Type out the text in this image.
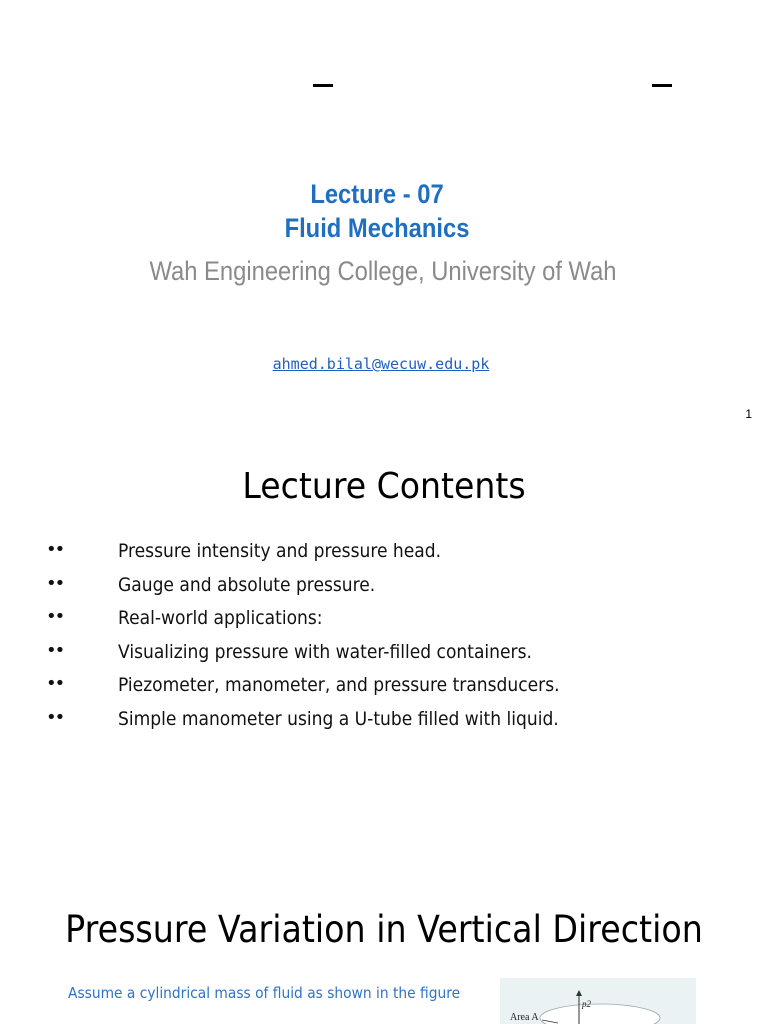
Lecture - 07
Fluid Mechanics
Wah Engineering College, University of Wah
ahmed.bilal@wecuw.edu.pk
1
Lecture Contents
••	Pressure intensity and pressure head.
••	Gauge and absolute pressure.
••	Real-world applications:
••	Visualizing pressure with water-filled containers.
••	Piezometer, manometer, and pressure transducers.
••	Simple manometer using a U-tube filled with liquid.
Pressure Variation in Vertical Direction
Assume a cylindrical mass of fluid as shown in the figure
p2
Area A
